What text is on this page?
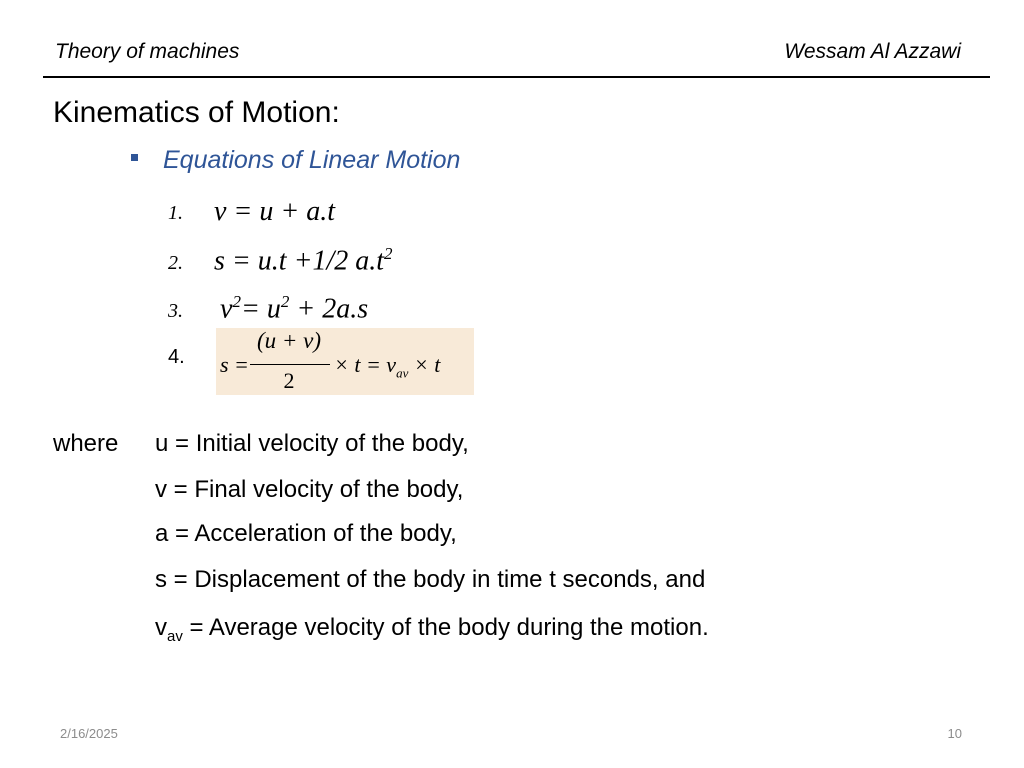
Theory of machines	Wessam Al Azzawi
Kinematics of Motion:
Equations of Linear Motion
1. v = u + a.t
2. s = u.t +1/2 $a.t^2$
3. $v^2= u^2 + 2a.s$
4. s =
(u + v)
2
× $t = v_{av} \times t$
where u = Initial velocity of the body,
v = Final velocity of the body,
a = Acceleration of the body,
s = Displacement of the body in time t seconds, and
$v_{av}$ = Average velocity of the body during the motion.
2/16/2025	10
